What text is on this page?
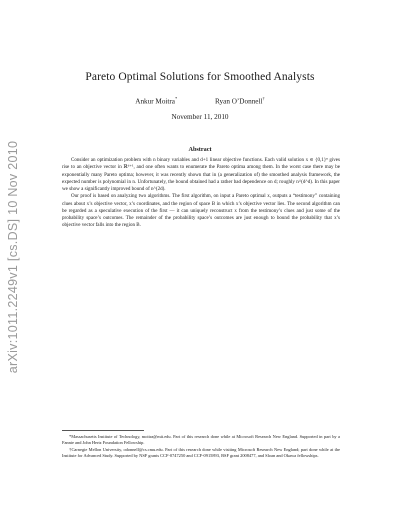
arXiv:1011.2249v1 [cs.DS] 10 Nov 2010
Pareto Optimal Solutions for Smoothed Analysts
Ankur Moitra*	Ryan O’Donnell†
November 11, 2010
Abstract

Consider an optimization problem with n binary variables and d+1 linear objective functions. Each valid solution x ∈ {0,1}ⁿ gives rise to an objective vector in ℝᵈ⁺¹, and one often wants to enumerate the Pareto optima among them. In the worst case there may be exponentially many Pareto optima; however, it was recently shown that in (a generalization of) the smoothed analysis framework, the expected number is polynomial in n. Unfortunately, the bound obtained had a rather bad dependence on d; roughly n^(d^d). In this paper we show a significantly improved bound of n^(2d).

Our proof is based on analyzing two algorithms. The first algorithm, on input a Pareto optimal x, outputs a “testimony” containing clues about x’s objective vector, x’s coordinates, and the region of space B in which x’s objective vector lies. The second algorithm can be regarded as a speculative execution of the first — it can uniquely reconstruct x from the testimony’s clues and just some of the probability space’s outcomes. The remainder of the probability space’s outcomes are just enough to bound the probability that x’s objective vector falls into the region B.

*Massachusetts Institute of Technology, moitra@mit.edu. Part of this research done while at Microsoft Research New England. Supported in part by a Fannie and John Hertz Foundation Fellowship.

†Carnegie Mellon University, odonnell@cs.cmu.edu. Part of this research done while visiting Microsoft Research New England; part done while at the Institute for Advanced Study. Supported by NSF grants CCF-0747250 and CCF-0915893, BSF grant 2008477, and Sloan and Okawa fellowships.
